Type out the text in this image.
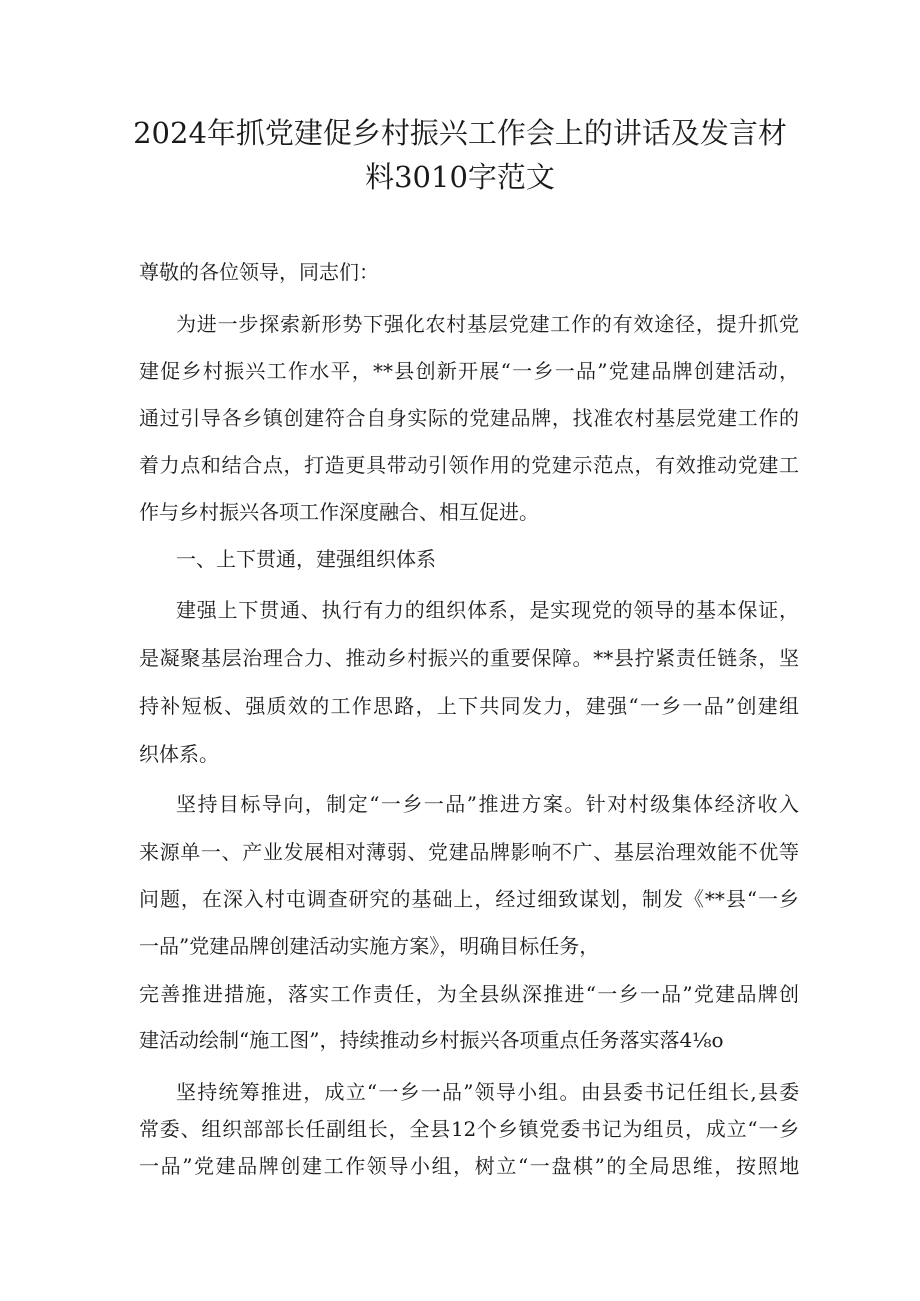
2024年抓党建促乡村振兴工作会上的讲话及发言材
料3010字范文

尊敬的各位领导，同志们：

为进一步探索新形势下强化农村基层党建工作的有效途径，提升抓党

建促乡村振兴工作水平，**县创新开展“一乡一品”党建品牌创建活动，

通过引导各乡镇创建符合自身实际的党建品牌，找准农村基层党建工作的

着力点和结合点，打造更具带动引领作用的党建示范点，有效推动党建工

作与乡村振兴各项工作深度融合、相互促进。

一、上下贯通，建强组织体系

建强上下贯通、执行有力的组织体系，是实现党的领导的基本保证，

是凝聚基层治理合力、推动乡村振兴的重要保障。**县拧紧责任链条，坚

持补短板、强质效的工作思路，上下共同发力，建强“一乡一品”创建组

织体系。

坚持目标导向，制定“一乡一品”推进方案。针对村级集体经济收入

来源单一、产业发展相对薄弱、党建品牌影响不广、基层治理效能不优等

问题，在深入村屯调查研究的基础上，经过细致谋划，制发《**县“一乡

一品”党建品牌创建活动实施方案》，明确目标任务，

完善推进措施，落实工作责任，为全县纵深推进“一乡一品”党建品牌创

建活动绘制“施工图”，持续推动乡村振兴各项重点任务落实落4⅛o

坚持统筹推进，成立“一乡一品”领导小组。由县委书记任组长,县委

常委、组织部部长任副组长，全县12个乡镇党委书记为组员，成立“一乡

一品”党建品牌创建工作领导小组，树立“一盘棋”的全局思维，按照地
